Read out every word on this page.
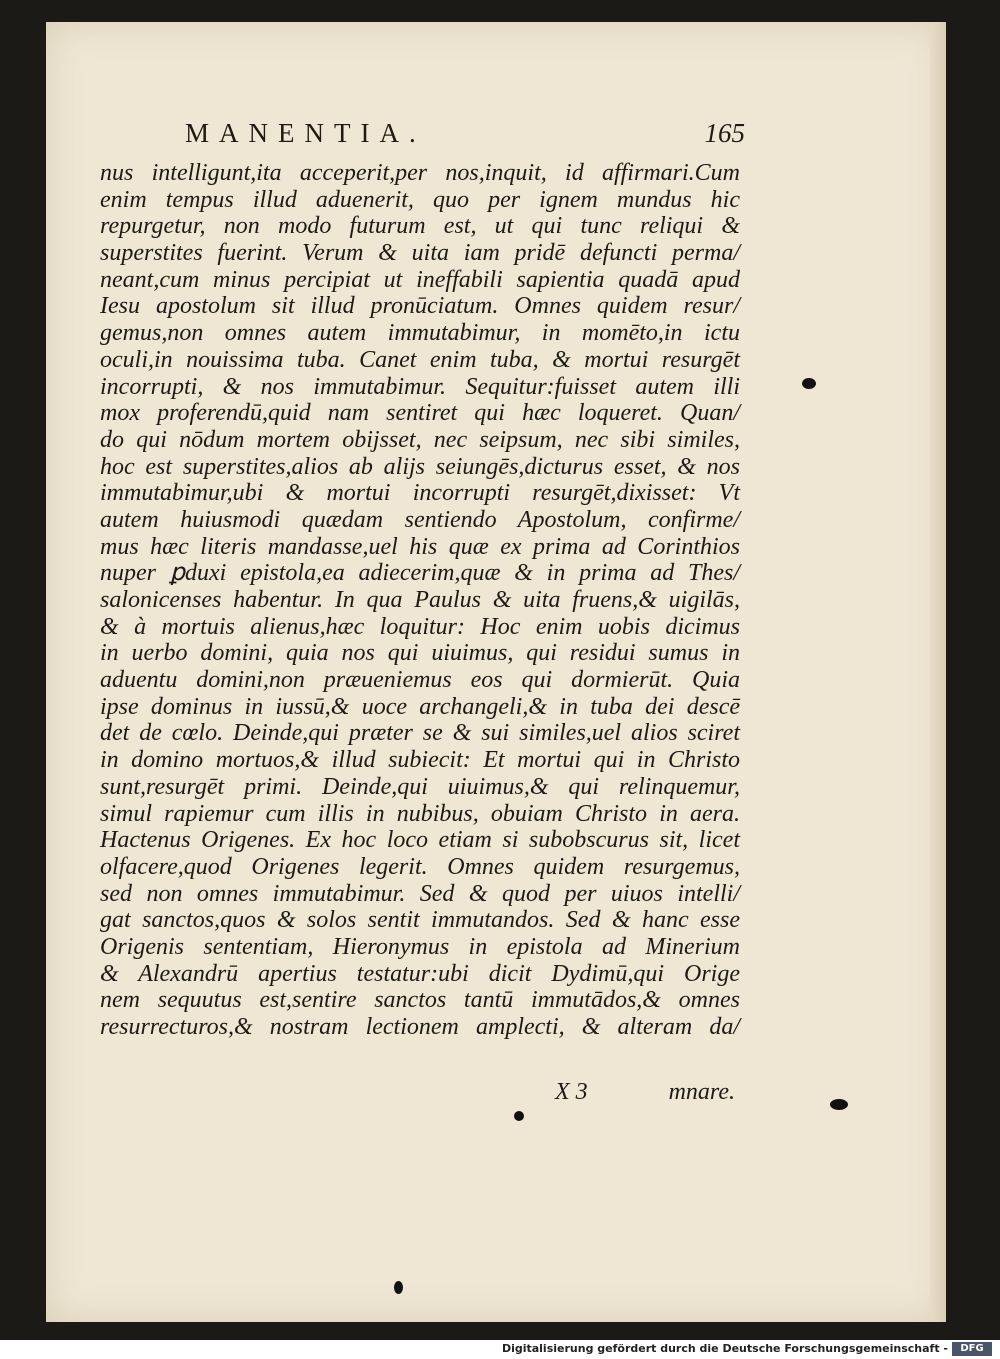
MANENTIA.	165
nus intelligunt,ita acceperit,per nos,inquit, id affirmari.Cum
enim tempus illud aduenerit, quo per ignem mundus hic
repurgetur, non modo futurum est, ut qui tunc reliqui &
superstites fuerint. Verum & uita iam pridē defuncti perma/
neant,cum minus percipiat ut ineffabili sapientia quadā apud
Iesu apostolum sit illud pronūciatum. Omnes quidem resur/
gemus,non omnes autem immutabimur, in momēto,in ictu
oculi,in nouissima tuba. Canet enim tuba, & mortui resurgēt
incorrupti, & nos immutabimur. Sequitur:fuisset autem illi
mox proferendū,quid nam sentiret qui hæc loqueret. Quan/
do qui nōdum mortem obijsset, nec seipsum, nec sibi similes,
hoc est superstites,alios ab alijs seiungēs,dicturus esset, & nos
immutabimur,ubi & mortui incorrupti resurgēt,dixisset: Vt
autem huiusmodi quædam sentiendo Apostolum, confirme/
mus hæc literis mandasse,uel his quæ ex prima ad Corinthios
nuper ꝑduxi epistola,ea adiecerim,quæ & in prima ad Thes/
salonicenses habentur. In qua Paulus & uita fruens,& uigilās,
& à mortuis alienus,hæc loquitur: Hoc enim uobis dicimus
in uerbo domini, quia nos qui uiuimus, qui residui sumus in
aduentu domini,non præueniemus eos qui dormierūt. Quia
ipse dominus in iussū,& uoce archangeli,& in tuba dei descē
det de cœlo. Deinde,qui præter se & sui similes,uel alios sciret
in domino mortuos,& illud subiecit: Et mortui qui in Christo
sunt,resurgēt primi. Deinde,qui uiuimus,& qui relinquemur,
simul rapiemur cum illis in nubibus, obuiam Christo in aera.
Hactenus Origenes. Ex hoc loco etiam si subobscurus sit, licet
olfacere,quod Origenes legerit. Omnes quidem resurgemus,
sed non omnes immutabimur. Sed & quod per uiuos intelli/
gat sanctos,quos & solos sentit immutandos. Sed & hanc esse
Origenis sententiam, Hieronymus in epistola ad Minerium
& Alexandrū apertius testatur:ubi dicit Dydimū,qui Orige
nem sequutus est,sentire sanctos tantū immutādos,& omnes
resurrecturos,& nostram lectionem amplecti, & alteram da/
X 3	mnare.
Digitalisierung gefördert durch die Deutsche Forschungsgemeinschaft -	DFG
